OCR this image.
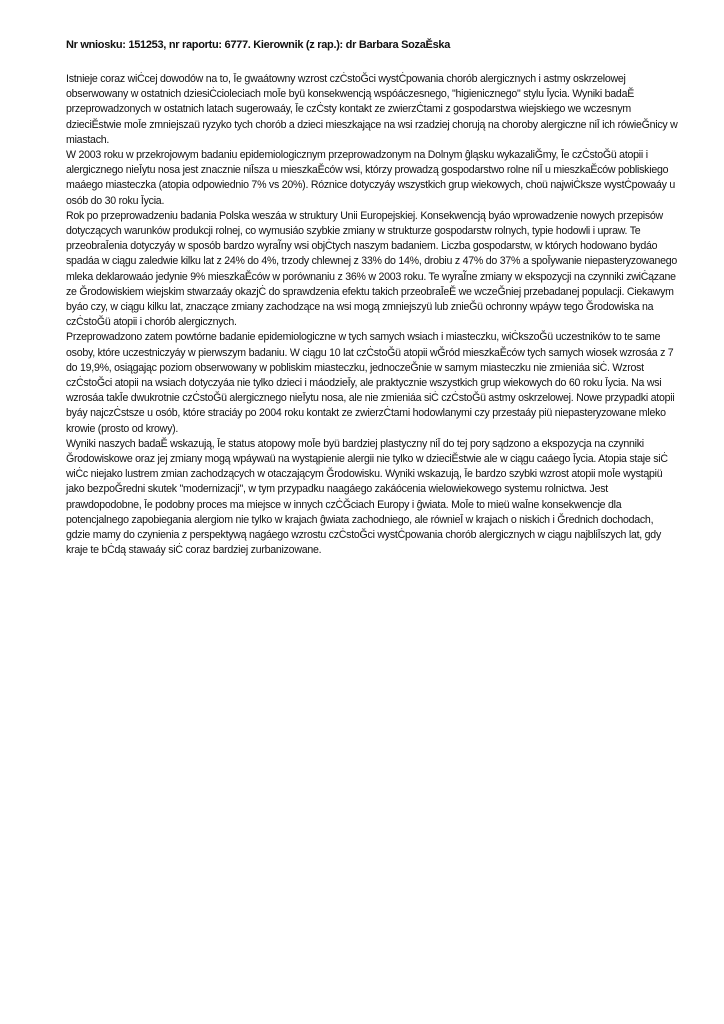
Nr wniosku: 151253, nr raportu: 6777. Kierownik (z rap.): dr Barbara SozaĔska

Istnieje coraz wiĊcej dowodów na to, Īe gwaátowny wzrost czĊstoĞci wystĊpowania chorób alergicznych i astmy oskrzelowej obserwowany w ostatnich dziesiĊcioleciach moĪe byü konsekwencją wspóáczesnego, "higienicznego" stylu Īycia. Wyniki badaĔ przeprowadzonych w ostatnich latach sugerowaáy, Īe czĊsty kontakt ze zwierzĊtami z gospodarstwa wiejskiego we wczesnym dzieciĔstwie moĪe zmniejszaü ryzyko tych chorób a dzieci mieszkające na wsi rzadziej chorują na choroby alergiczne niĪ ich rówieĞnicy w miastach.

W 2003 roku w przekrojowym badaniu epidemiologicznym przeprowadzonym na Dolnym ĝląsku wykazaliĞmy, Īe czĊstoĞü atopii i alergicznego nieĪytu nosa jest znacznie niĪsza u mieszkaĔców wsi, którzy prowadzą gospodarstwo rolne niĪ u mieszkaĔców pobliskiego maáego miasteczka (atopia odpowiednio 7% vs 20%). Róznice dotyczyáy wszystkich grup wiekowych, choü najwiĊksze wystĊpowaáy u osób do 30 roku Īycia.

Rok po przeprowadzeniu badania Polska weszáa w struktury Unii Europejskiej. Konsekwencją byáo wprowadzenie nowych przepisów dotyczących warunków produkcji rolnej, co wymusiáo szybkie zmiany w strukturze gospodarstw rolnych, typie hodowli i upraw. Te przeobraĪenia dotyczyáy w sposób bardzo wyraĨny wsi objĊtych naszym badaniem. Liczba gospodarstw, w których hodowano bydáo spadáa w ciągu zaledwie kilku lat z 24% do 4%, trzody chlewnej z 33% do 14%, drobiu z 47% do 37% a spoĪywanie niepasteryzowanego mleka deklarowaáo jedynie 9% mieszkaĔców w porównaniu z 36% w 2003 roku. Te wyraĨne zmiany w ekspozycji na czynniki zwiĊązane ze Ğrodowiskiem wiejskim stwarzaáy okazjĊ do sprawdzenia efektu takich przeobraĪeĔ we wczeĞniej przebadanej populacji. Ciekawym byáo czy, w ciągu kilku lat, znaczące zmiany zachodzące na wsi mogą zmniejszyü lub znieĞü ochronny wpáyw tego Ğrodowiska na czĊstoĞü atopii i chorób alergicznych.

Przeprowadzono zatem powtórne badanie epidemiologiczne w tych samych wsiach i miasteczku, wiĊkszoĞü uczestników to te same osoby, które uczestniczyáy w pierwszym badaniu. W ciągu 10 lat czĊstoĞü atopii wĞród mieszkaĔców tych samych wiosek wzrosáa z 7 do 19,9%, osiągając poziom obserwowany w pobliskim miasteczku, jednoczeĞnie w samym miasteczku nie zmieniáa siĊ. Wzrost czĊstoĞci atopii na wsiach dotyczyáa nie tylko dzieci i máodzieĪy, ale praktycznie wszystkich grup wiekowych do 60 roku Īycia. Na wsi wzrosáa takĪe dwukrotnie czĊstoĞü alergicznego nieĪytu nosa, ale nie zmieniáa siĊ czĊstoĞü astmy oskrzelowej. Nowe przypadki atopii byáy najczĊstsze u osób, które straciáy po 2004 roku kontakt ze zwierzĊtami hodowlanymi czy przestaáy piü niepasteryzowane mleko krowie (prosto od krowy).

Wyniki naszych badaĔ wskazują, Īe status atopowy moĪe byü bardziej plastyczny niĪ do tej pory sądzono a ekspozycja na czynniki Ğrodowiskowe oraz jej zmiany mogą wpáywaü na wystąpienie alergii nie tylko w dzieciĔstwie ale w ciągu caáego Īycia. Atopia staje siĊ wiĊc niejako lustrem zmian zachodzących w otaczającym Ğrodowisku. Wyniki wskazują, Īe bardzo szybki wzrost atopii moĪe wystąpiü jako bezpoĞredni skutek "modernizacji", w tym przypadku naagáego zakáócenia wielowiekowego systemu rolnictwa. Jest prawdopodobne, Īe podobny proces ma miejsce w innych czĊĞciach Europy i ĝwiata. MoĪe to mieü waĪne konsekwencje dla potencjalnego zapobiegania alergiom nie tylko w krajach ĝwiata zachodniego, ale równieĪ w krajach o niskich i Ğrednich dochodach, gdzie mamy do czynienia z perspektywą nagáego wzrostu czĊstoĞci wystĊpowania chorób alergicznych w ciągu najbliĪszych lat, gdy kraje te bĊdą stawaáy siĊ coraz bardziej zurbanizowane.
